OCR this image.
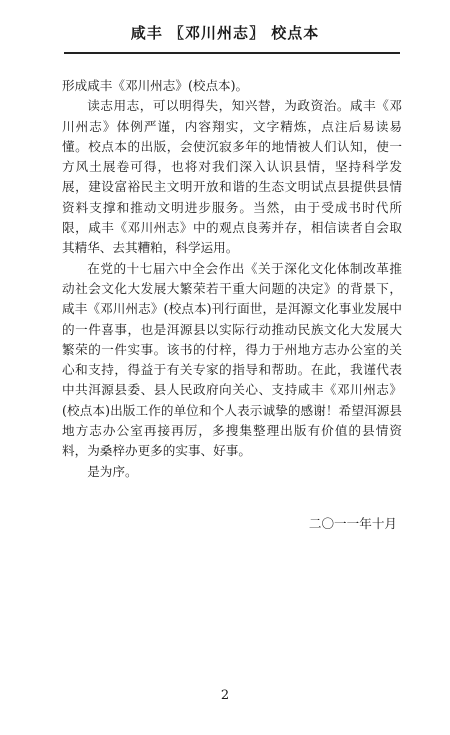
咸丰 〖邓川州志〗 校点本

形成咸丰《邓川州志》(校点本)。

读志用志，可以明得失，知兴替，为政资治。咸丰《邓川州志》体例严谨，内容翔实，文字精炼，点注后易读易懂。校点本的出版，会使沉寂多年的地情被人们认知，使一方风土展卷可得，也将对我们深入认识县情，坚持科学发展，建设富裕民主文明开放和谐的生态文明试点县提供县情资料支撑和推动文明进步服务。当然，由于受成书时代所限，咸丰《邓川州志》中的观点良莠并存，相信读者自会取其精华、去其糟粕，科学运用。

在党的十七届六中全会作出《关于深化文化体制改革推动社会文化大发展大繁荣若干重大问题的决定》的背景下，咸丰《邓川州志》(校点本)刊行面世，是洱源文化事业发展中的一件喜事，也是洱源县以实际行动推动民族文化大发展大繁荣的一件实事。该书的付梓，得力于州地方志办公室的关心和支持，得益于有关专家的指导和帮助。在此，我谨代表中共洱源县委、县人民政府向关心、支持咸丰《邓川州志》(校点本)出版工作的单位和个人表示诚挚的感谢！希望洱源县地方志办公室再接再厉，多搜集整理出版有价值的县情资料，为桑梓办更多的实事、好事。

是为序。

二〇一一年十月
2
